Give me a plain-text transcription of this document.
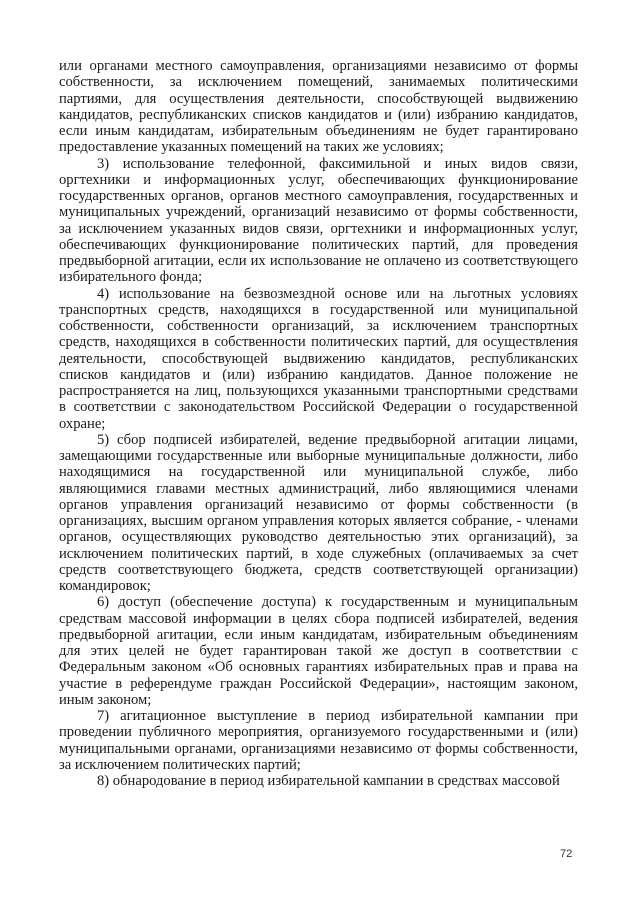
или органами местного самоуправления, организациями независимо от формы собственности, за исключением помещений, занимаемых политическими партиями, для осуществления деятельности, способствующей выдвижению кандидатов, республиканских списков кандидатов и (или) избранию кандидатов, если иным кандидатам, избирательным объединениям не будет гарантировано предоставление указанных помещений на таких же условиях;

3) использование телефонной, факсимильной и иных видов связи, оргтехники и информационных услуг, обеспечивающих функционирование государственных органов, органов местного самоуправления, государственных и муниципальных учреждений, организаций независимо от формы собственности, за исключением указанных видов связи, оргтехники и информационных услуг, обеспечивающих функционирование политических партий, для проведения предвыборной агитации, если их использование не оплачено из соответствующего избирательного фонда;

4) использование на безвозмездной основе или на льготных условиях транспортных средств, находящихся в государственной или муниципальной собственности, собственности организаций, за исключением транспортных средств, находящихся в собственности политических партий, для осуществления деятельности, способствующей выдвижению кандидатов, республиканских списков кандидатов и (или) избранию кандидатов. Данное положение не распространяется на лиц, пользующихся указанными транспортными средствами в соответствии с законодательством Российской Федерации о государственной охране;

5) сбор подписей избирателей, ведение предвыборной агитации лицами, замещающими государственные или выборные муниципальные должности, либо находящимися на государственной или муниципальной службе, либо являющимися главами местных администраций, либо являющимися членами органов управления организаций независимо от формы собственности (в организациях, высшим органом управления которых является собрание, - членами органов, осуществляющих руководство деятельностью этих организаций), за исключением политических партий, в ходе служебных (оплачиваемых за счет средств соответствующего бюджета, средств соответствующей организации) командировок;

6) доступ (обеспечение доступа) к государственным и муниципальным средствам массовой информации в целях сбора подписей избирателей, ведения предвыборной агитации, если иным кандидатам, избирательным объединениям для этих целей не будет гарантирован такой же доступ в соответствии с Федеральным законом «Об основных гарантиях избирательных прав и права на участие в референдуме граждан Российской Федерации», настоящим законом, иным законом;

7) агитационное выступление в период избирательной кампании при проведении публичного мероприятия, организуемого государственными и (или) муниципальными органами, организациями независимо от формы собственности, за исключением политических партий;

8) обнародование в период избирательной кампании в средствах массовой

72
